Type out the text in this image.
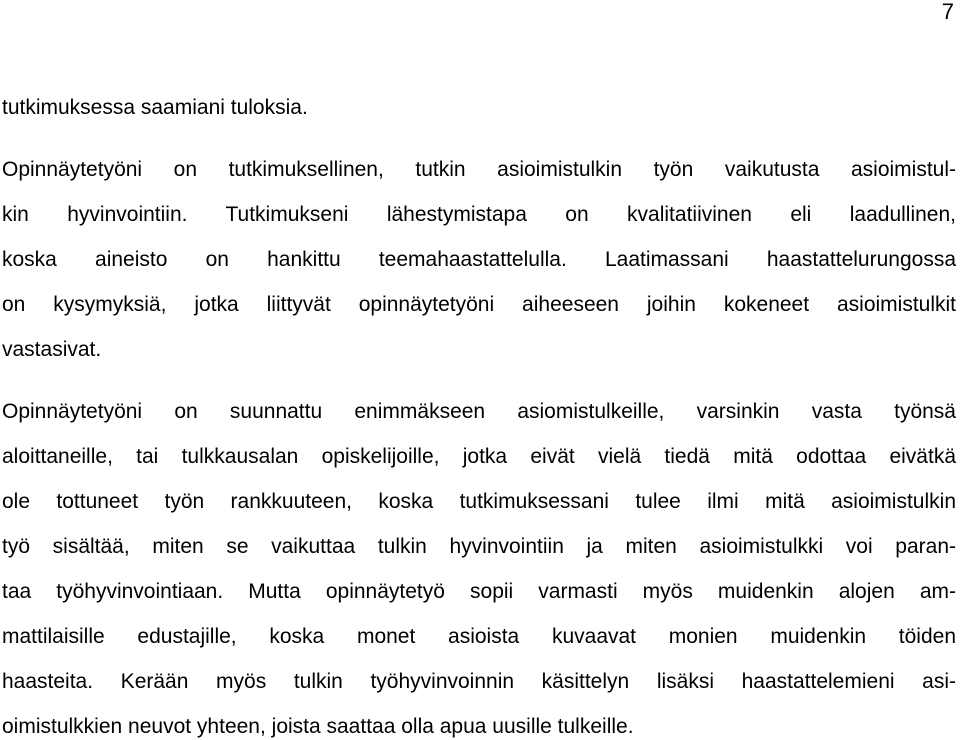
7
tutkimuksessa saamiani tuloksia.
Opinnäytetyöni on tutkimuksellinen, tutkin asioimistulkin työn vaikutusta asioimistul-
kin hyvinvointiin. Tutkimukseni lähestymistapa on kvalitatiivinen eli laadullinen,
koska aineisto on hankittu teemahaastattelulla. Laatimassani haastattelurungossa
on kysymyksiä, jotka liittyvät opinnäytetyöni aiheeseen joihin kokeneet asioimistulkit
vastasivat.
Opinnäytetyöni on suunnattu enimmäkseen asiomistulkeille, varsinkin vasta työnsä
aloittaneille, tai tulkkausalan opiskelijoille, jotka eivät vielä tiedä mitä odottaa eivätkä
ole tottuneet työn rankkuuteen, koska tutkimuksessani tulee ilmi mitä asioimistulkin
työ sisältää, miten se vaikuttaa tulkin hyvinvointiin ja miten asioimistulkki voi paran-
taa työhyvinvointiaan. Mutta opinnäytetyö sopii varmasti myös muidenkin alojen am-
mattilaisille edustajille, koska monet asioista kuvaavat monien muidenkin töiden
haasteita. Kerään myös tulkin työhyvinvoinnin käsittelyn lisäksi haastattelemieni asi-
oimistulkkien neuvot yhteen, joista saattaa olla apua uusille tulkeille.
